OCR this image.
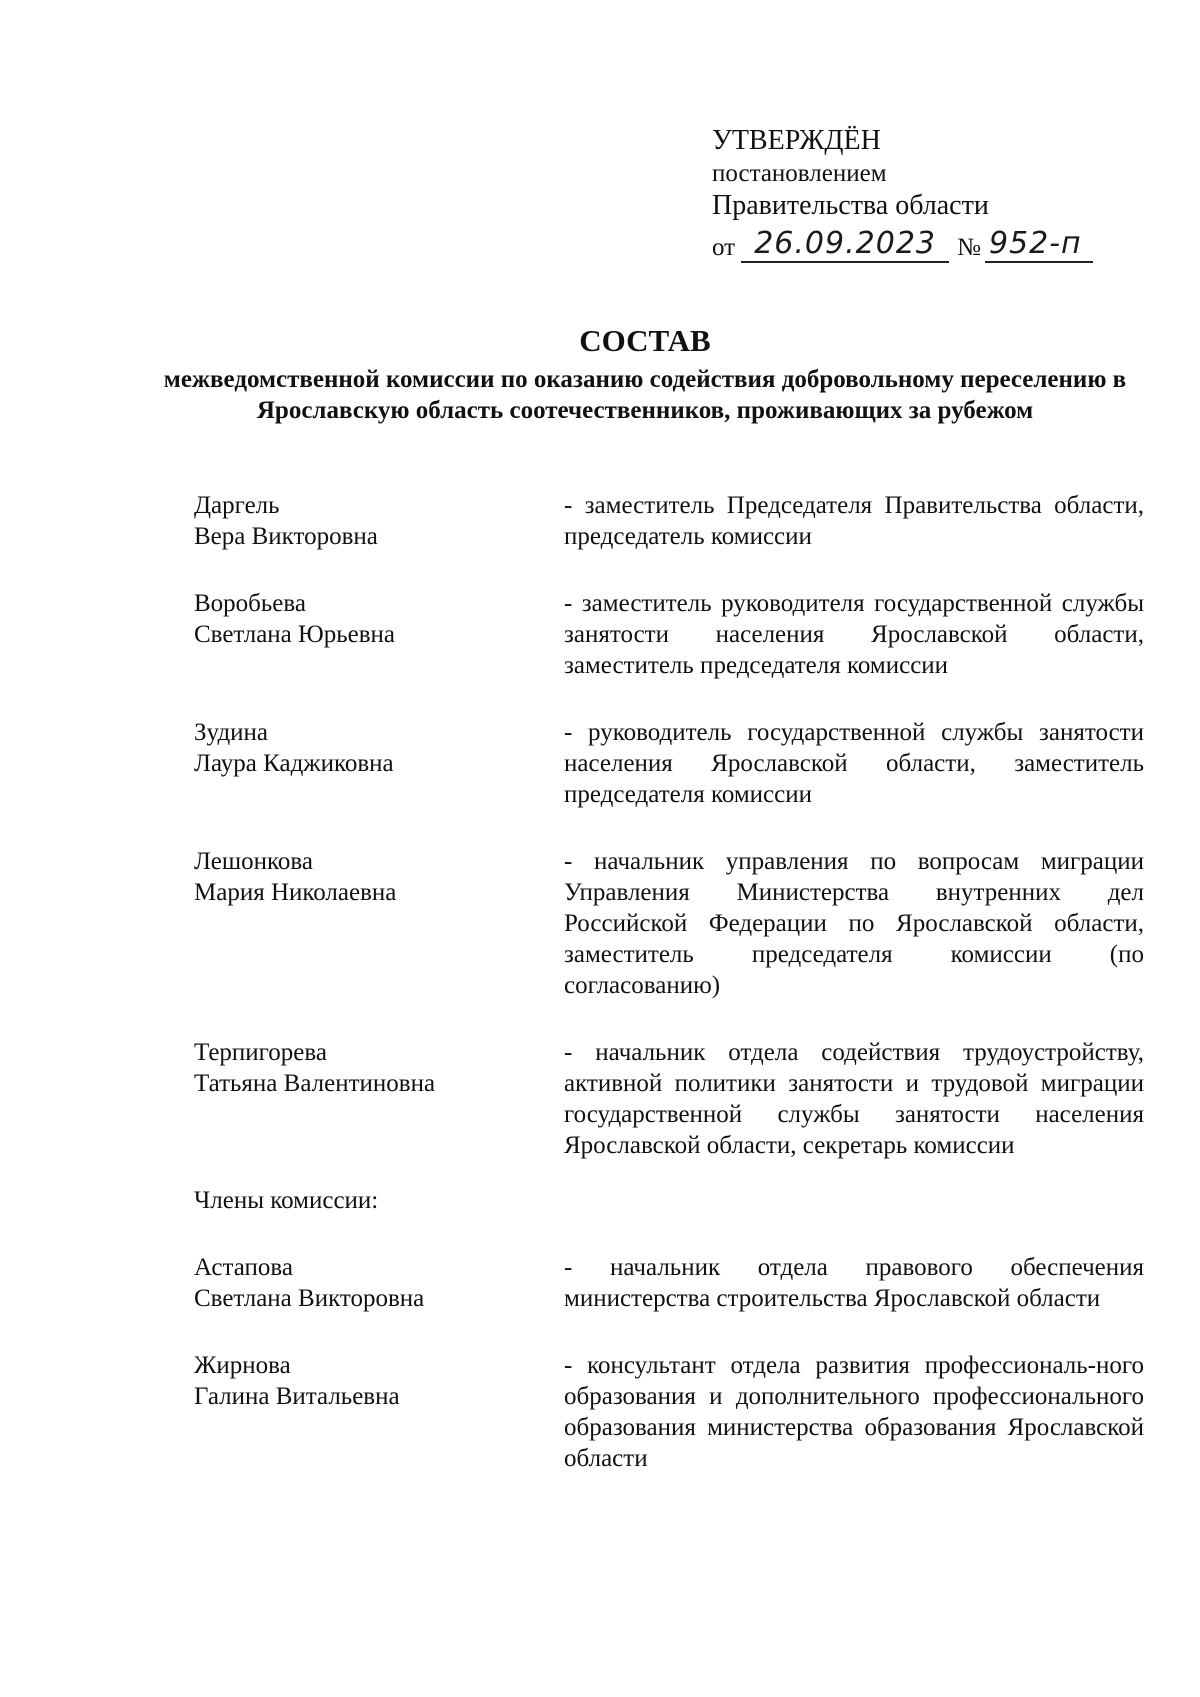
УТВЕРЖДЁН
постановлением
Правительства области
от 26.09.2023 № 952-п
СОСТАВ
межведомственной комиссии по оказанию содействия добровольному переселению в Ярославскую область соотечественников, проживающих за рубежом
Даргель
Вера Викторовна
- заместитель Председателя Правительства области, председатель комиссии
Воробьева
Светлана Юрьевна
- заместитель руководителя государственной службы занятости населения Ярославской области, заместитель председателя комиссии
Зудина
Лаура Каджиковна
- руководитель государственной службы занятости населения Ярославской области, заместитель председателя комиссии
Лешонкова
Мария Николаевна
- начальник управления по вопросам миграции Управления Министерства внутренних дел Российской Федерации по Ярославской области, заместитель председателя комиссии (по согласованию)
Терпигорева
Татьяна Валентиновна
- начальник отдела содействия трудоустройству, активной политики занятости и трудовой миграции государственной службы занятости населения Ярославской области, секретарь комиссии
Члены комиссии:
Астапова
Светлана Викторовна
- начальник отдела правового обеспечения министерства строительства Ярославской области
Жирнова
Галина Витальевна
- консультант отдела развития профессиональ-ного образования и дополнительного профессионального образования министерства образования Ярославской области
